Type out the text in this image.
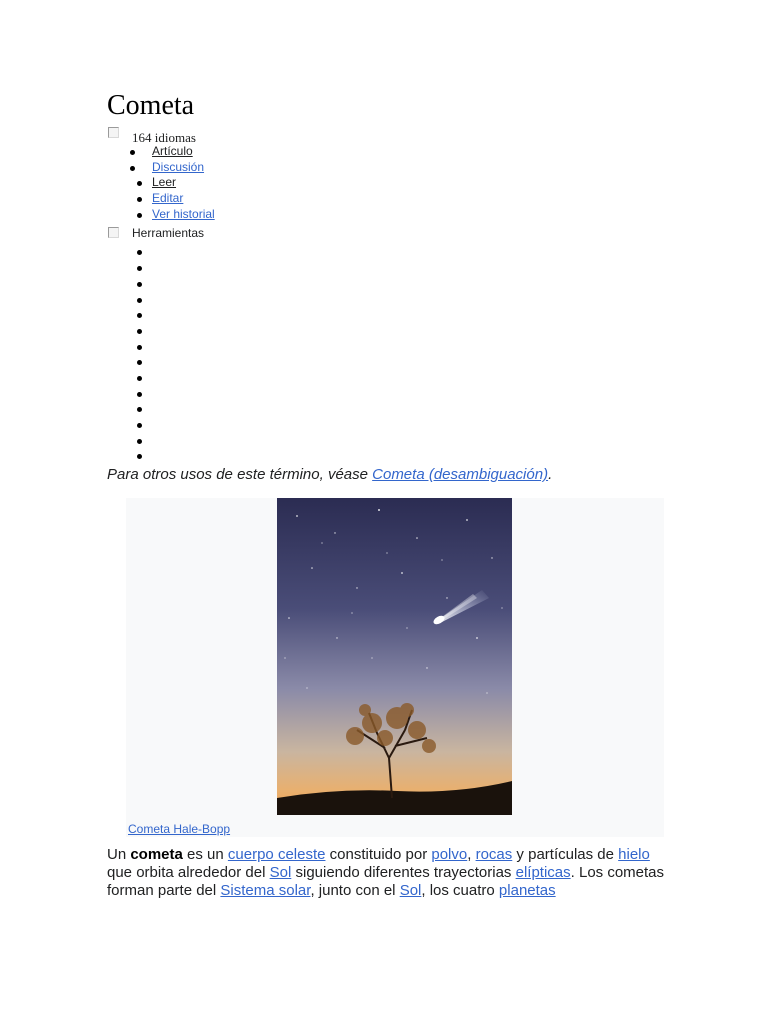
Cometa
164 idiomas
Artículo
Discusión
Leer
Editar
Ver historial
Herramientas
Para otros usos de este término, véase Cometa (desambiguación).
Cometa Hale-Bopp
Un cometa es un cuerpo celeste constituido por polvo, rocas y partículas de hielo que orbita alrededor del Sol siguiendo diferentes trayectorias elípticas. Los cometas forman parte del Sistema solar, junto con el Sol, los cuatro planetas
